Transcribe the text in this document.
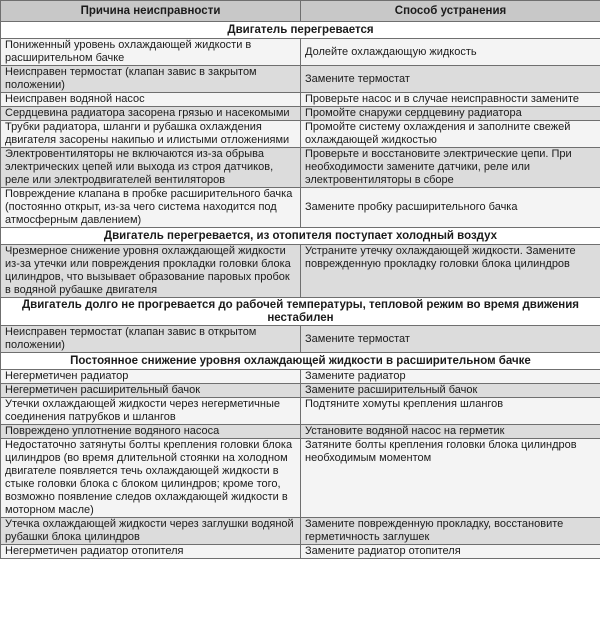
Причина неисправности	Способ устранения
Двигатель перегревается	
Пониженный уровень охлаждающей жидкости в расширительном бачке	Долейте охлаждающую жидкость
Неисправен термостат (клапан завис в закрытом положении)	Замените термостат
Неисправен водяной насос	Проверьте насос и в случае неисправности замените
Сердцевина радиатора засорена грязью и насекомыми	Промойте снаружи сердцевину радиатора
Трубки радиатора, шланги и рубашка охлаждения двигателя засорены накипью и илистыми отложениями	Промойте систему охлаждения и заполните свежей охлаждающей жидкостью
Электровентиляторы не включаются из-за обрыва электрических цепей или выхода из строя датчиков, реле или электродвигателей вентиляторов	Проверьте и восстановите электрические цепи. При необходимости замените датчики, реле или электровентиляторы в сборе
Повреждение клапана в пробке расширительного бачка (постоянно открыт, из-за чего система находится под атмосферным давлением)	Замените пробку расширительного бачка
Двигатель перегревается, из отопителя поступает холодный воздух	
Чрезмерное снижение уровня охлаждающей жидкости из-за утечки или повреждения прокладки головки блока цилиндров, что вызывает образование паровых пробок в водяной рубашке двигателя	Устраните утечку охлаждающей жидкости. Замените поврежденную прокладку головки блока цилиндров
Двигатель долго не прогревается до рабочей температуры, тепловой режим во время движения нестабилен	
Неисправен термостат (клапан завис в открытом положении)	Замените термостат
Постоянное снижение уровня охлаждающей жидкости в расширительном бачке	
Негерметичен радиатор	Замените радиатор
Негерметичен расширительный бачок	Замените расширительный бачок
Утечки охлаждающей жидкости через негерметичные соединения патрубков и шлангов	Подтяните хомуты крепления шлангов
Повреждено уплотнение водяного насоса	Установите водяной насос на герметик
Недостаточно затянуты болты крепления головки блока цилиндров (во время длительной стоянки на холодном двигателе появляется течь охлаждающей жидкости в стыке головки блока с блоком цилиндров; кроме того, возможно появление следов охлаждающей жидкости в моторном масле)	Затяните болты крепления головки блока цилиндров необходимым моментом
Утечка охлаждающей жидкости через заглушки водяной рубашки блока цилиндров	Замените поврежденную прокладку, восстановите герметичность заглушек
Негерметичен радиатор отопителя	Замените радиатор отопителя
